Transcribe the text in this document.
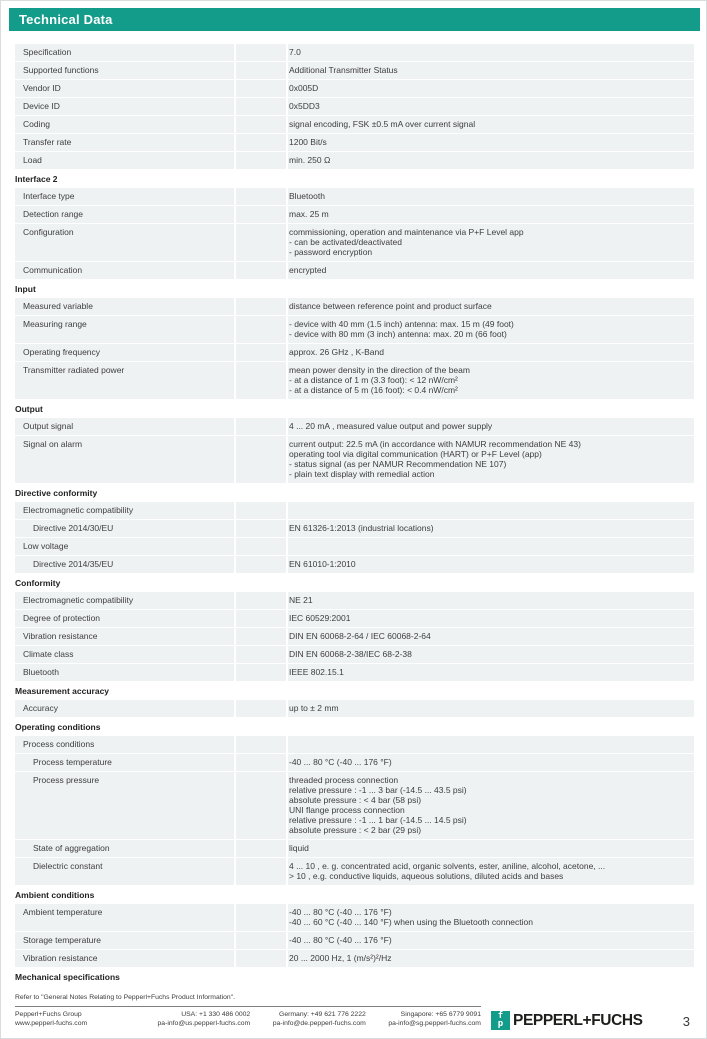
Technical Data
Specification	7.0
Supported functions	Additional Transmitter Status
Vendor ID	0x005D
Device ID	0x5DD3
Coding	signal encoding, FSK ±0.5 mA over current signal
Transfer rate	1200 Bit/s
Load	min. 250 Ω
Interface 2
Interface type	Bluetooth
Detection range	max. 25 m
Configuration	commissioning, operation and maintenance via P+F Level app
- can be activated/deactivated
- password encryption
Communication	encrypted
Input
Measured variable	distance between reference point and product surface
Measuring range	- device with 40 mm (1.5 inch) antenna: max. 15 m (49 foot)
- device with 80 mm (3 inch) antenna: max. 20 m (66 foot)
Operating frequency	approx. 26 GHz , K-Band
Transmitter radiated power	mean power density in the direction of the beam
- at a distance of 1 m (3.3 foot): < 12 nW/cm²
- at a distance of 5 m (16 foot): < 0.4 nW/cm²
Output
Output signal	4 ... 20 mA , measured value output and power supply
Signal on alarm	current output: 22.5 mA (in accordance with NAMUR recommendation NE 43)
operating tool via digital communication (HART) or P+F Level (app)
- status signal (as per NAMUR Recommendation NE 107)
- plain text display with remedial action
Directive conformity
Electromagnetic compatibility

Directive 2014/30/EU	EN 61326-1:2013 (industrial locations)
Low voltage

Directive 2014/35/EU	EN 61010-1:2010
Conformity
Electromagnetic compatibility	NE 21
Degree of protection	IEC 60529:2001
Vibration resistance	DIN EN 60068-2-64 / IEC 60068-2-64
Climate class	DIN EN 60068-2-38/IEC 68-2-38
Bluetooth	IEEE 802.15.1
Measurement accuracy
Accuracy	up to ± 2 mm
Operating conditions
Process conditions

Process temperature	-40 ... 80 °C (-40 ... 176 °F)
Process pressure	threaded process connection
relative pressure : -1 ... 3 bar (-14.5 ... 43.5 psi)
absolute pressure : < 4 bar (58 psi)
UNI flange process connection
relative pressure : -1 ... 1 bar (-14.5 ... 14.5 psi)
absolute pressure : < 2 bar (29 psi)
State of aggregation	liquid
Dielectric constant	4 ... 10 , e. g. concentrated acid, organic solvents, ester, aniline, alcohol, acetone, ...
> 10 , e.g. conductive liquids, aqueous solutions, diluted acids and bases
Ambient conditions
Ambient temperature	-40 ... 80 °C (-40 ... 176 °F)
-40 ... 60 °C (-40 ... 140 °F) when using the Bluetooth connection
Storage temperature	-40 ... 80 °C (-40 ... 176 °F)
Vibration resistance	20 ... 2000 Hz, 1 (m/s²)²/Hz
Mechanical specifications
Refer to "General Notes Relating to Pepperl+Fuchs Product Information".
Pepperl+Fuchs Group
www.pepperl-fuchs.com
USA: +1 330 486 0002
pa-info@us.pepperl-fuchs.com
Germany: +49 621 776 2222
pa-info@de.pepperl-fuchs.com
Singapore: +65 6779 9091
pa-info@sg.pepperl-fuchs.com
f
p PEPPERL+FUCHS	3
